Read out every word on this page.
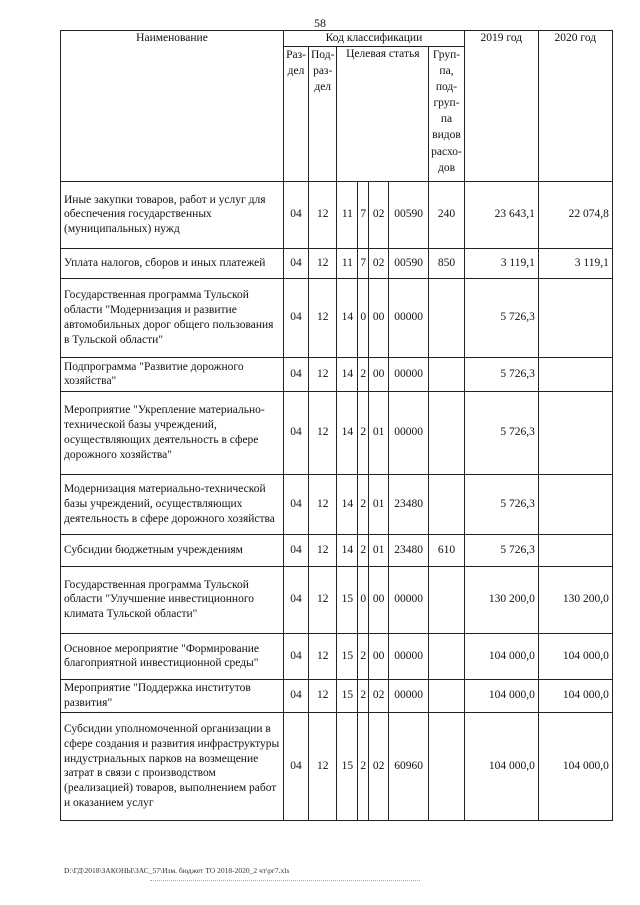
58
Наименование	Код классификации							2019 год	2020 год
	Раз-дел	Под-раз-дел	Целевая статья				Груп-па, под-груп-па видов расхо-дов		
Иные закупки товаров, работ и услуг для обеспечения государственных (муниципальных) нужд	04	12	11	7	02	00590	240	23 643,1	22 074,8
Уплата налогов, сборов и иных платежей	04	12	11	7	02	00590	850	3 119,1	3 119,1
Государственная программа Тульской области "Модернизация и развитие автомобильных дорог общего пользования в Тульской области"	04	12	14	0	00	00000		5 726,3	
Подпрограмма "Развитие дорожного хозяйства"	04	12	14	2	00	00000		5 726,3	
Мероприятие "Укрепление материально-технической базы учреждений, осуществляющих деятельность в сфере дорожного хозяйства"	04	12	14	2	01	00000		5 726,3	
Модернизация материально-технической базы учреждений, осуществляющих деятельность в сфере дорожного хозяйства	04	12	14	2	01	23480		5 726,3	
Субсидии бюджетным учреждениям	04	12	14	2	01	23480	610	5 726,3	
Государственная программа Тульской области "Улучшение инвестиционного климата Тульской области"	04	12	15	0	00	00000		130 200,0	130 200,0
Основное мероприятие "Формирование благоприятной инвестиционной среды"	04	12	15	2	00	00000		104 000,0	104 000,0
Мероприятие "Поддержка институтов развития"	04	12	15	2	02	00000		104 000,0	104 000,0
Субсидии уполномоченной организации в сфере создания и развития инфраструктуры индустриальных парков на возмещение затрат в связи с производством (реализацией) товаров, выполнением работ и оказанием услуг	04	12	15	2	02	60960		104 000,0	104 000,0
D:\ГД\2018\ЗАКОНЫ\ЗАС_57\Изм. бюджет ТО 2018-2020_2 чт\рг7.xls
